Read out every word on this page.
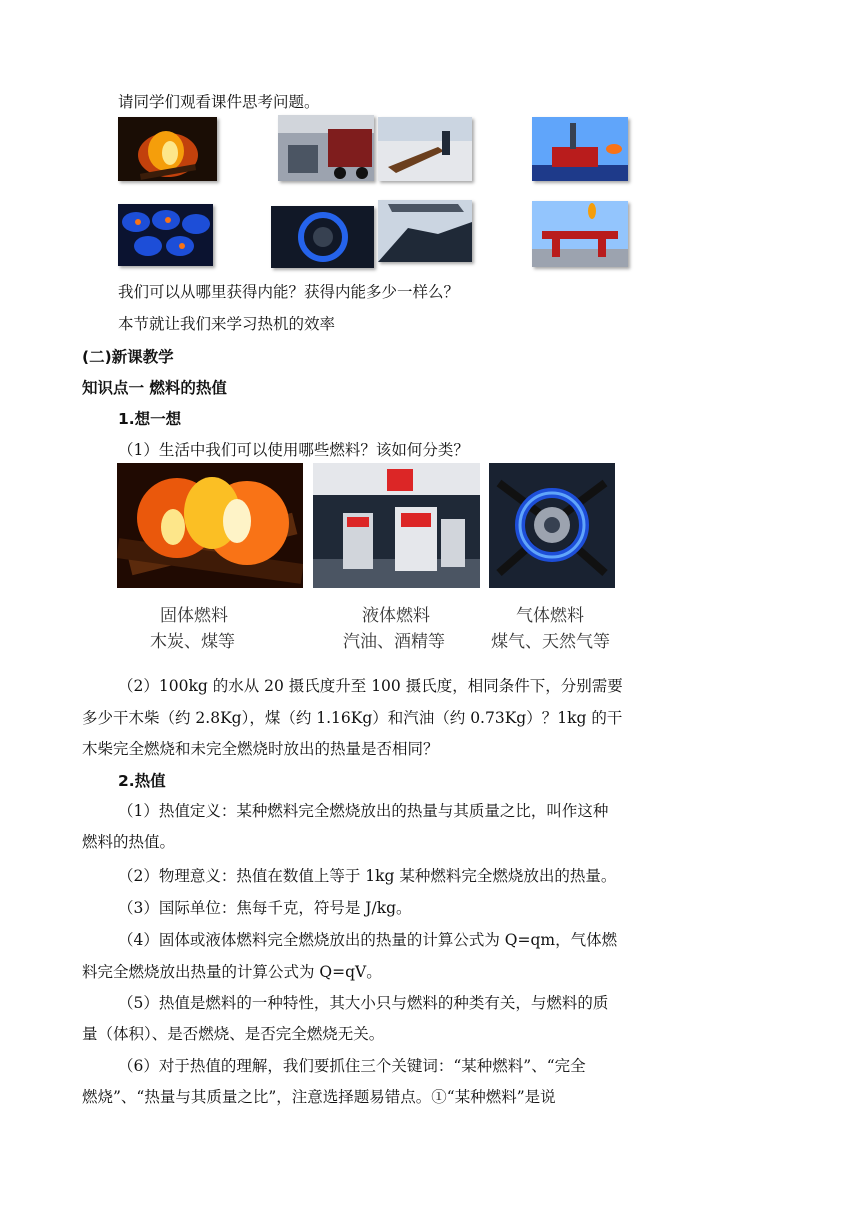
请同学们观看课件思考问题。
我们可以从哪里获得内能？获得内能多少一样么？
本节就让我们来学习热机的效率
(二)新课教学
知识点一 燃料的热值
1.想一想
（1）生活中我们可以使用哪些燃料？该如何分类？
固体燃料
木炭、煤等
液体燃料
汽油、酒精等
气体燃料
煤气、天然气等
（2）100kg 的水从 20 摄氏度升至 100 摄氏度，相同条件下，分别需要
多少干木柴（约 2.8Kg），煤（约 1.16Kg）和汽油（约 0.73Kg）？1kg 的干
木柴完全燃烧和未完全燃烧时放出的热量是否相同？
2.热值
（1）热值定义：某种燃料完全燃烧放出的热量与其质量之比，叫作这种
燃料的热值。
（2）物理意义：热值在数值上等于 1kg 某种燃料完全燃烧放出的热量。
（3）国际单位：焦每千克，符号是 J/kg。
（4）固体或液体燃料完全燃烧放出的热量的计算公式为 Q=qm，气体燃
料完全燃烧放出热量的计算公式为 Q=qV。
（5）热值是燃料的一种特性，其大小只与燃料的种类有关，与燃料的质
量（体积）、是否燃烧、是否完全燃烧无关。
（6）对于热值的理解，我们要抓住三个关键词：“某种燃料”、“完全
燃烧”、“热量与其质量之比”，注意选择题易错点。①“某种燃料”是说
